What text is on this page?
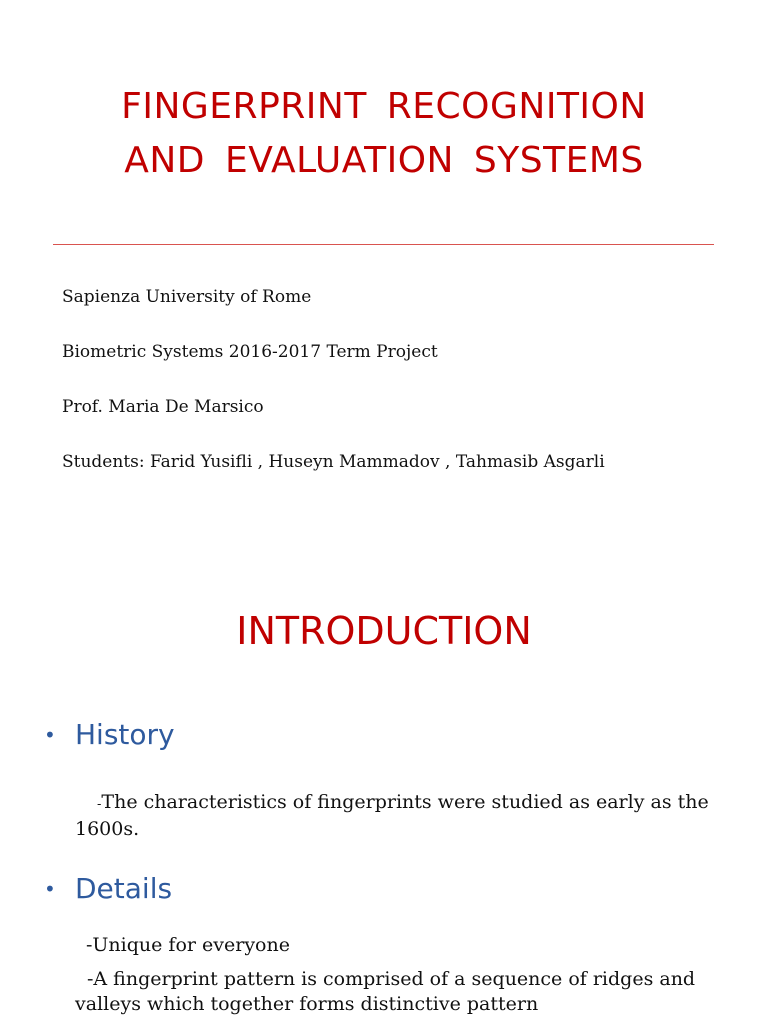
FINGERPRINT RECOGNITION
AND EVALUATION SYSTEMS
Sapienza University of Rome
Biometric Systems 2016-2017 Term Project
Prof. Maria De Marsico
Students: Farid Yusifli , Huseyn Mammadov , Tahmasib Asgarli
INTRODUCTION
• History
-The characteristics of fingerprints were studied as early as the 1600s.
• Details
-Unique for everyone
-A fingerprint pattern is comprised of a sequence of ridges and valleys which together forms distinctive pattern
